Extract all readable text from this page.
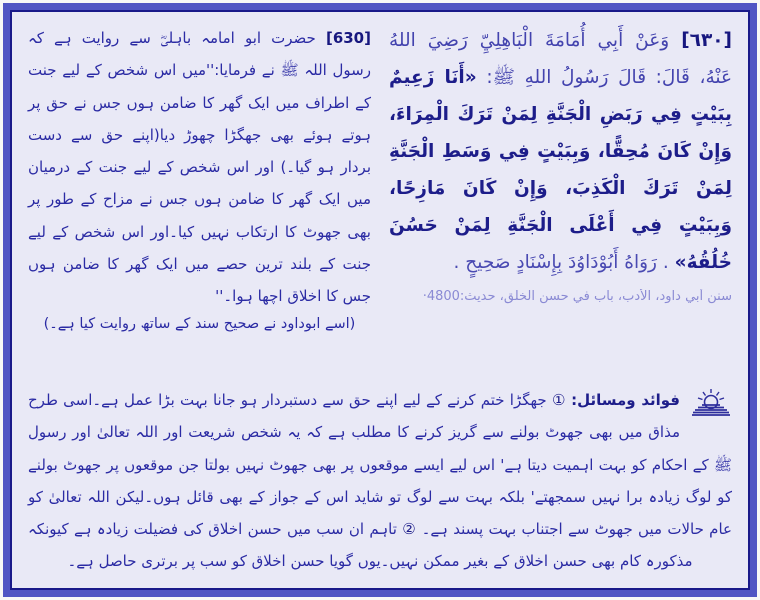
[٦٣٠] وَعَنْ أَبِي أُمَامَةَ الْبَاهِلِيِّ رَضِيَ اللهُ عَنْهُ، قَالَ: قَالَ رَسُولُ اللهِ ﷺ: «أَنَا زَعِيمٌ بِبَيْتٍ فِي رَبَضِ الْجَنَّةِ لِمَنْ تَرَكَ الْمِرَاءَ، وَإِنْ كَانَ مُحِقًّا، وَبِبَيْتٍ فِي وَسَطِ الْجَنَّةِ لِمَنْ تَرَكَ الْكَذِبَ، وَإِنْ كَانَ مَازِحًا، وَبِبَيْتٍ فِي أَعْلَى الْجَنَّةِ لِمَنْ حَسُنَ خُلُقُهُ» . رَوَاهُ أَبُوْدَاوُدَ بِإِسْنَادٍ صَحِيحٍ .

سنن أبي داود، الأدب، باب في حسن الخلق، حديث:4800·

[630] حضرت ابو امامہ باہلیؓ سے روایت ہے کہ رسول اللہ ﷺ نے فرمایا:''میں اس شخص کے لیے جنت کے اطراف میں ایک گھر کا ضامن ہوں جس نے حق پر ہوتے ہوئے بھی جھگڑا چھوڑ دیا(اپنے حق سے دست بردار ہو گیا۔) اور اس شخص کے لیے جنت کے درمیان میں ایک گھر کا ضامن ہوں جس نے مزاح کے طور پر بھی جھوٹ کا ارتکاب نہیں کیا۔اور اس شخص کے لیے جنت کے بلند ترین حصے میں ایک گھر کا ضامن ہوں جس کا اخلاق اچھا ہوا۔''

(اسے ابوداود نے صحیح سند کے ساتھ روایت کیا ہے۔)

فوائد ومسائل: ① جھگڑا ختم کرنے کے لیے اپنے حق سے دستبردار ہو جانا بہت بڑا عمل ہے۔اسی طرح مذاق میں بھی جھوٹ بولنے سے گریز کرنے کا مطلب ہے کہ یہ شخص شریعت اور اللہ تعالیٰ اور رسول ﷺ کے احکام کو بہت اہمیت دیتا ہے' اس لیے ایسے موقعوں پر بھی جھوٹ نہیں بولتا جن موقعوں پر جھوٹ بولنے کو لوگ زیادہ برا نہیں سمجھتے' بلکہ بہت سے لوگ تو شاید اس کے جواز کے بھی قائل ہوں۔لیکن اللہ تعالیٰ کو عام حالات میں جھوٹ سے اجتناب بہت پسند ہے۔ ② تاہم ان سب میں حسن اخلاق کی فضیلت زیادہ ہے کیونکہ مذکورہ کام بھی حسن اخلاق کے بغیر ممکن نہیں۔یوں گویا حسن اخلاق کو سب پر برتری حاصل ہے۔
